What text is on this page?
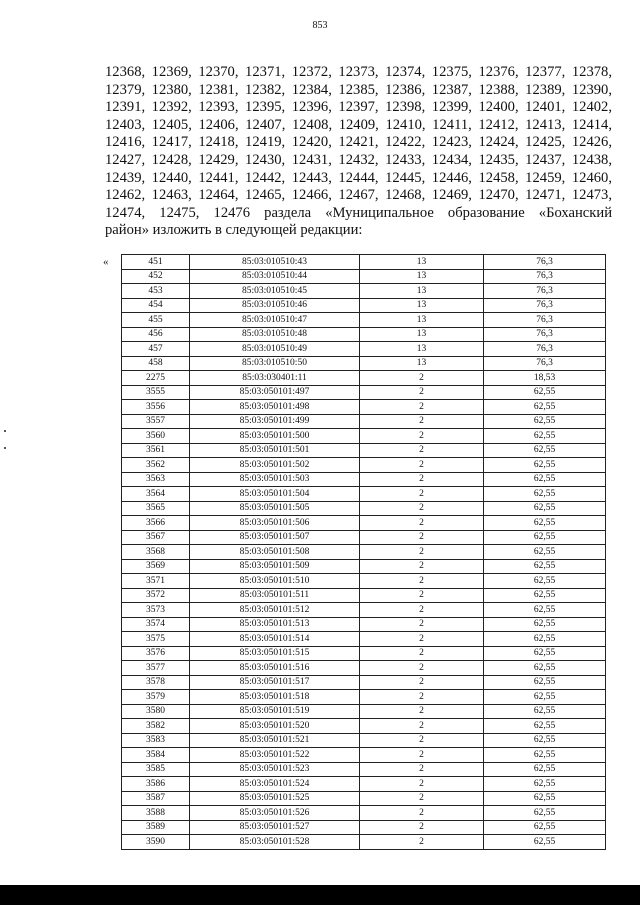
853
12368, 12369, 12370, 12371, 12372, 12373, 12374, 12375, 12376, 12377, 12378,
12379, 12380, 12381, 12382, 12384, 12385, 12386, 12387, 12388, 12389, 12390,
12391, 12392, 12393, 12395, 12396, 12397, 12398, 12399, 12400, 12401, 12402,
12403, 12405, 12406, 12407, 12408, 12409, 12410, 12411, 12412, 12413, 12414,
12416, 12417, 12418, 12419, 12420, 12421, 12422, 12423, 12424, 12425, 12426,
12427, 12428, 12429, 12430, 12431, 12432, 12433, 12434, 12435, 12437, 12438,
12439, 12440, 12441, 12442, 12443, 12444, 12445, 12446, 12458, 12459, 12460,
12462, 12463, 12464, 12465, 12466, 12467, 12468, 12469, 12470, 12471, 12473,
12474, 12475, 12476 раздела «Муниципальное образование «Боханский
район» изложить в следующей редакции:
«	451	85:03:010510:43	13	76,3
452	85:03:010510:44	13	76,3
453	85:03:010510:45	13	76,3
454	85:03:010510:46	13	76,3
455	85:03:010510:47	13	76,3
456	85:03:010510:48	13	76,3
457	85:03:010510:49	13	76,3
458	85:03:010510:50	13	76,3
2275	85:03:030401:11	2	18,53
3555	85:03:050101:497	2	62,55
3556	85:03:050101:498	2	62,55
3557	85:03:050101:499	2	62,55
3560	85:03:050101:500	2	62,55
3561	85:03:050101:501	2	62,55
3562	85:03:050101:502	2	62,55
3563	85:03:050101:503	2	62,55
3564	85:03:050101:504	2	62,55
3565	85:03:050101:505	2	62,55
3566	85:03:050101:506	2	62,55
3567	85:03:050101:507	2	62,55
3568	85:03:050101:508	2	62,55
3569	85:03:050101:509	2	62,55
3571	85:03:050101:510	2	62,55
3572	85:03:050101:511	2	62,55
3573	85:03:050101:512	2	62,55
3574	85:03:050101:513	2	62,55
3575	85:03:050101:514	2	62,55
3576	85:03:050101:515	2	62,55
3577	85:03:050101:516	2	62,55
3578	85:03:050101:517	2	62,55
3579	85:03:050101:518	2	62,55
3580	85:03:050101:519	2	62,55
3582	85:03:050101:520	2	62,55
3583	85:03:050101:521	2	62,55
3584	85:03:050101:522	2	62,55
3585	85:03:050101:523	2	62,55
3586	85:03:050101:524	2	62,55
3587	85:03:050101:525	2	62,55
3588	85:03:050101:526	2	62,55
3589	85:03:050101:527	2	62,55
3590	85:03:050101:528	2	62,55
